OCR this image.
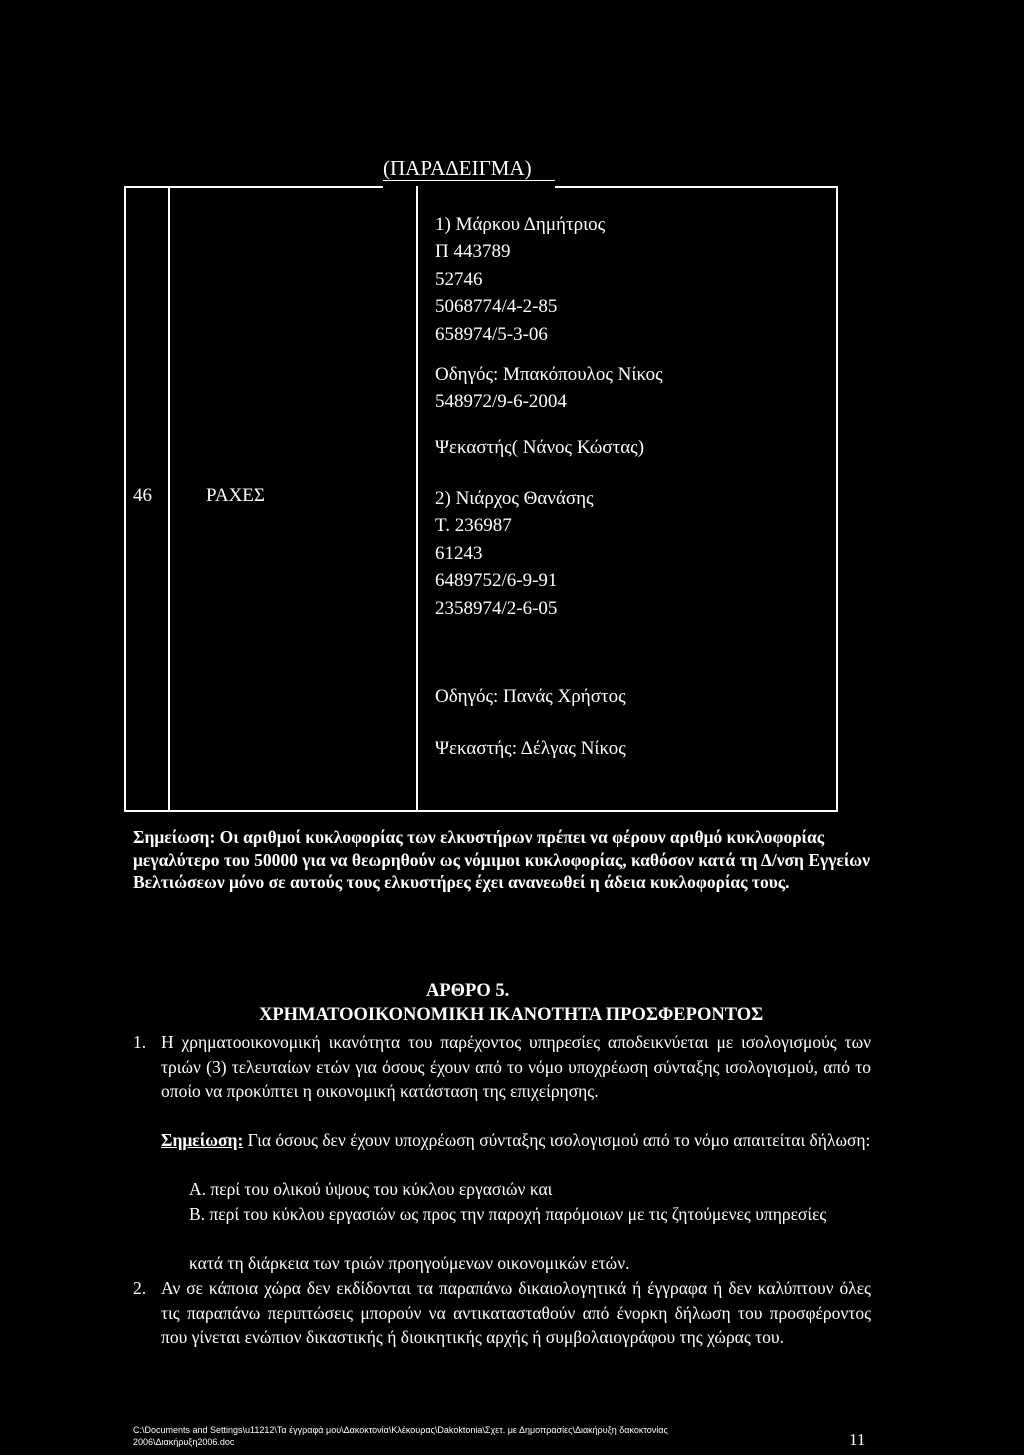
(ΠΑΡΑΔΕΙΓΜΑ)
46	ΡΑΧΕΣ
1) Μάρκου Δημήτριος
Π 443789
52746
5068774/4-2-85
658974/5-3-06
Οδηγός: Μπακόπουλος Νίκος
548972/9-6-2004
Ψεκαστής( Νάνος Κώστας)
2) Νιάρχος Θανάσης
Τ. 236987
61243
6489752/6-9-91
2358974/2-6-05
Οδηγός: Πανάς Χρήστος
Ψεκαστής: Δέλγας Νίκος
Σημείωση: Οι αριθμοί κυκλοφορίας των ελκυστήρων πρέπει να φέρουν αριθμό κυκλοφορίας μεγαλύτερο του 50000 για να θεωρηθούν ως νόμιμοι κυκλοφορίας, καθόσον κατά τη Δ/νση Εγγείων Βελτιώσεων μόνο σε αυτούς τους ελκυστήρες έχει ανανεωθεί η άδεια κυκλοφορίας τους.
ΑΡΘΡΟ 5.
ΧΡΗΜΑΤΟΟΙΚΟΝΟΜΙΚΗ ΙΚΑΝΟΤΗΤΑ ΠΡΟΣΦΕΡΟΝΤΟΣ
1. Η χρηματοοικονομική ικανότητα του παρέχοντος υπηρεσίες αποδεικνύεται με ισολογισμούς των τριών (3) τελευταίων ετών για όσους έχουν από το νόμο υποχρέωση σύνταξης ισολογισμού, από το οποίο να προκύπτει η οικονομική κατάσταση της επιχείρησης.
Σημείωση: Για όσους δεν έχουν υποχρέωση σύνταξης ισολογισμού από το νόμο απαιτείται δήλωση:
Α. περί του ολικού ύψους του κύκλου εργασιών και
Β. περί του κύκλου εργασιών ως προς την παροχή παρόμοιων με τις ζητούμενες υπηρεσίες
κατά τη διάρκεια των τριών προηγούμενων οικονομικών ετών.
2. Αν σε κάποια χώρα δεν εκδίδονται τα παραπάνω δικαιολογητικά ή έγγραφα ή δεν καλύπτουν όλες τις παραπάνω περιπτώσεις μπορούν να αντικατασταθούν από ένορκη δήλωση του προσφέροντος που γίνεται ενώπιον δικαστικής ή διοικητικής αρχής ή συμβολαιογράφου της χώρας του.
C:\Documents and Settings\u11212\Τα έγγραφά μου\Δακοκτονία\Κλέκουρας\Dakoktonia\Σχετ. με Δημοπρασίες\Διακήρυξη δακοκτονίας
2006\Διακήρυξη2006.doc	11
